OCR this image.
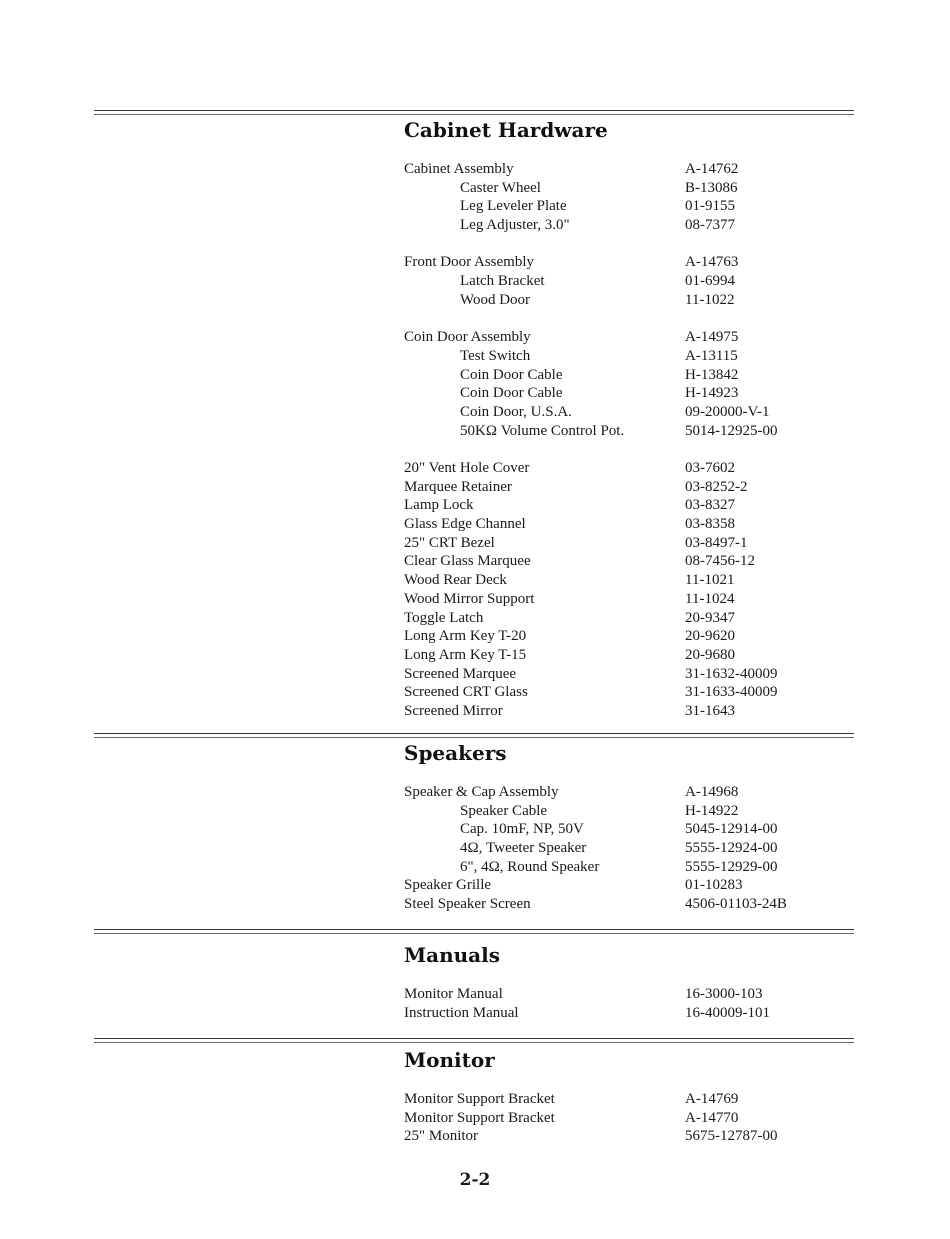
Cabinet Hardware
Cabinet Assembly	A-14762
Caster Wheel	B-13086
Leg Leveler Plate	01-9155
Leg Adjuster, 3.0"	08-7377
Front Door Assembly	A-14763
Latch Bracket	01-6994
Wood Door	11-1022
Coin Door Assembly	A-14975
Test Switch	A-13115
Coin Door Cable	H-13842
Coin Door Cable	H-14923
Coin Door, U.S.A.	09-20000-V-1
50KΩ Volume Control Pot.	5014-12925-00
20" Vent Hole Cover	03-7602
Marquee Retainer	03-8252-2
Lamp Lock	03-8327
Glass Edge Channel	03-8358
25" CRT Bezel	03-8497-1
Clear Glass Marquee	08-7456-12
Wood Rear Deck	11-1021
Wood Mirror Support	11-1024
Toggle Latch	20-9347
Long Arm Key T-20	20-9620
Long Arm Key T-15	20-9680
Screened Marquee	31-1632-40009
Screened CRT Glass	31-1633-40009
Screened Mirror	31-1643
Speakers
Speaker & Cap Assembly	A-14968
Speaker Cable	H-14922
Cap. 10mF, NP, 50V	5045-12914-00
4Ω, Tweeter Speaker	5555-12924-00
6", 4Ω, Round Speaker	5555-12929-00
Speaker Grille	01-10283
Steel Speaker Screen	4506-01103-24B
Manuals
Monitor Manual	16-3000-103
Instruction Manual	16-40009-101
Monitor
Monitor Support Bracket	A-14769
Monitor Support Bracket	A-14770
25" Monitor	5675-12787-00
2-2
